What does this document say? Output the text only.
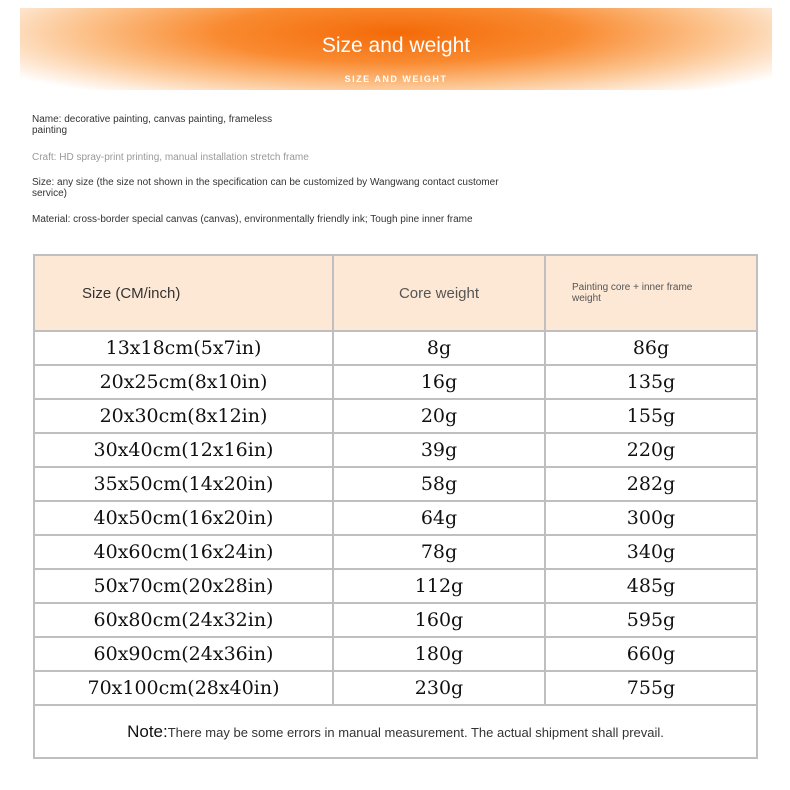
Size and weight
SIZE AND WEIGHT
Name: decorative painting, canvas painting, frameless
painting
Craft: HD spray-print printing, manual installation stretch frame
Size: any size (the size not shown in the specification can be customized by Wangwang contact customer
service)
Material: cross-border special canvas (canvas), environmentally friendly ink; Tough pine inner frame
Size (CM/inch)	Core weight	Painting core + inner frame
weight

13x18cm(5x7in)	8g	86g
20x25cm(8x10in)	16g	135g
20x30cm(8x12in)	20g	155g
30x40cm(12x16in)	39g	220g
35x50cm(14x20in)	58g	282g
40x50cm(16x20in)	64g	300g
40x60cm(16x24in)	78g	340g
50x70cm(20x28in)	112g	485g
60x80cm(24x32in)	160g	595g
60x90cm(24x36in)	180g	660g
70x100cm(28x40in)	230g	755g
Note:There may be some errors in manual measurement. The actual shipment shall prevail.		
